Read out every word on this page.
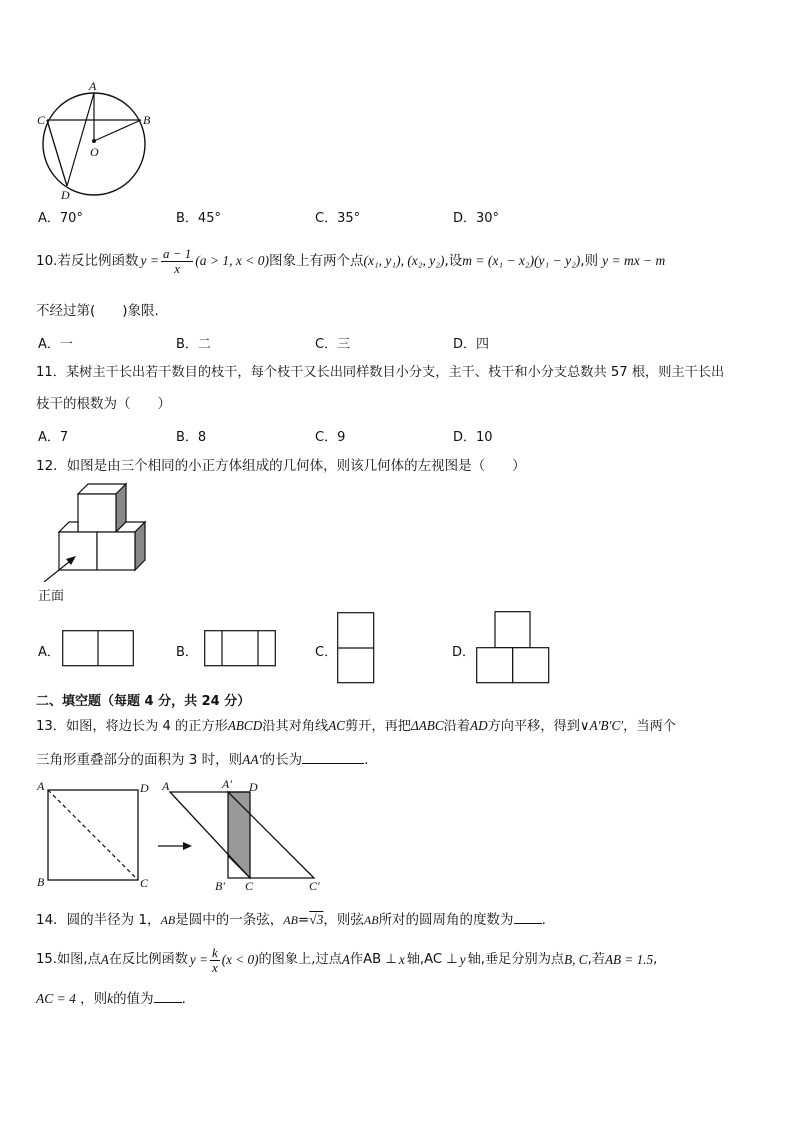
A
C	B
O
D
A．70°	B．45°	C．35°	D．30°
10.若反比例函数 $y = \frac{a - 1}{x} (a > 1$, x < 0) 图象上有两个点 (x₁, y₁), (x₂, y₂) ,设 m = (x₁ − x₂)(y₁ − y₂) ,则 y = mx − m
不经过第(　　)象限.
A．一	B．二	C．三	D．四
11．某树主干长出若干数目的枝干，每个枝干又长出同样数目小分支，主干、枝干和小分支总数共 57 根，则主干长出
枝干的根数为（　　）
A．7	B．8	C．9	D．10
12．如图是由三个相同的小正方体组成的几何体，则该几何体的左视图是（　　）
正面
A．	B．	C．	D．
二、填空题（每题 4 分，共 24 分）
13．如图，将边长为 4 的正方形ABCD沿其对角线AC剪开，再把ΔABC沿着AD方向平移，得到∨A′B′C′，当两个
三角形重叠部分的面积为 3 时，则AA′的长为	.
A	D
B	C
A	A′ D
B′ C	C′
14．圆的半径为 1，AB是圆中的一条弦，AB=√3，则弦AB所对的圆周角的度数为 .
15.如图,点 A 在反比例函数 $y = \frac{k}{x} (x < 0)$ 的图象上,过点 A 作AB ⊥ x 轴,AC ⊥ y 轴,垂足分别为点 B, C ,若 AB = 1.5 ,
AC = 4 ，则k的值为 .
